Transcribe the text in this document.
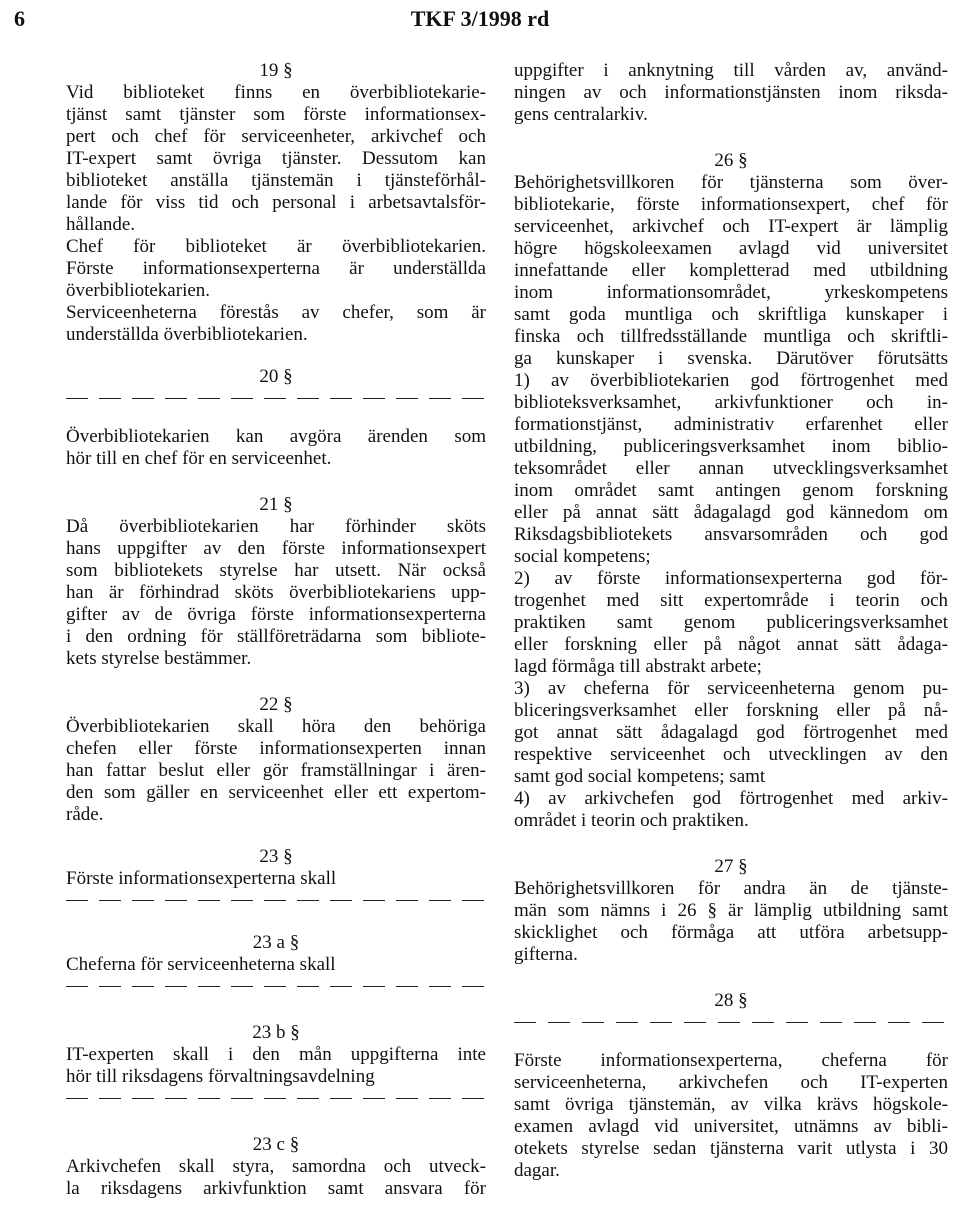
6	TKF 3/1998 rd
19 §
Vid biblioteket finns en överbibliotekarie-
tjänst samt tjänster som förste informationsex-
pert och chef för serviceenheter, arkivchef och
IT-expert samt övriga tjänster. Dessutom kan
biblioteket anställa tjänstemän i tjänsteförhål-
lande för viss tid och personal i arbetsavtalsför-
hållande.
Chef för biblioteket är överbibliotekarien.
Förste informationsexperterna är underställda
överbibliotekarien.
Serviceenheterna förestås av chefer, som är
underställda överbibliotekarien.
20 §
Överbibliotekarien kan avgöra ärenden som
hör till en chef för en serviceenhet.
21 §
Då överbibliotekarien har förhinder sköts
hans uppgifter av den förste informationsexpert
som bibliotekets styrelse har utsett. När också
han är förhindrad sköts överbibliotekariens upp-
gifter av de övriga förste informationsexperterna
i den ordning för ställföreträdarna som bibliote-
kets styrelse bestämmer.
22 §
Överbibliotekarien skall höra den behöriga
chefen eller förste informationsexperten innan
han fattar beslut eller gör framställningar i ären-
den som gäller en serviceenhet eller ett expertom-
råde.
23 §
Förste informationsexperterna skall
23 a §
Cheferna för serviceenheterna skall
23 b §
IT-experten skall i den mån uppgifterna inte
hör till riksdagens förvaltningsavdelning
23 c §
Arkivchefen skall styra, samordna och utveck-
la riksdagens arkivfunktion samt ansvara för
uppgifter i anknytning till vården av, använd-
ningen av och informationstjänsten inom riksda-
gens centralarkiv.
26 §
Behörighetsvillkoren för tjänsterna som över-
bibliotekarie, förste informationsexpert, chef för
serviceenhet, arkivchef och IT-expert är lämplig
högre högskoleexamen avlagd vid universitet
innefattande eller kompletterad med utbildning
inom informationsområdet, yrkeskompetens
samt goda muntliga och skriftliga kunskaper i
finska och tillfredsställande muntliga och skriftli-
ga kunskaper i svenska. Därutöver förutsätts
1) av överbibliotekarien god förtrogenhet med
biblioteksverksamhet, arkivfunktioner och in-
formationstjänst, administrativ erfarenhet eller
utbildning, publiceringsverksamhet inom biblio-
teksområdet eller annan utvecklingsverksamhet
inom området samt antingen genom forskning
eller på annat sätt ådagalagd god kännedom om
Riksdagsbibliotekets ansvarsområden och god
social kompetens;
2) av förste informationsexperterna god för-
trogenhet med sitt expertområde i teorin och
praktiken samt genom publiceringsverksamhet
eller forskning eller på något annat sätt ådaga-
lagd förmåga till abstrakt arbete;
3) av cheferna för serviceenheterna genom pu-
bliceringsverksamhet eller forskning eller på nå-
got annat sätt ådagalagd god förtrogenhet med
respektive serviceenhet och utvecklingen av den
samt god social kompetens; samt
4) av arkivchefen god förtrogenhet med arkiv-
området i teorin och praktiken.
27 §
Behörighetsvillkoren för andra än de tjänste-
män som nämns i 26 § är lämplig utbildning samt
skicklighet och förmåga att utföra arbetsupp-
gifterna.
28 §
Förste informationsexperterna, cheferna för
serviceenheterna, arkivchefen och IT-experten
samt övriga tjänstemän, av vilka krävs högskole-
examen avlagd vid universitet, utnämns av bibli-
otekets styrelse sedan tjänsterna varit utlysta i 30
dagar.
